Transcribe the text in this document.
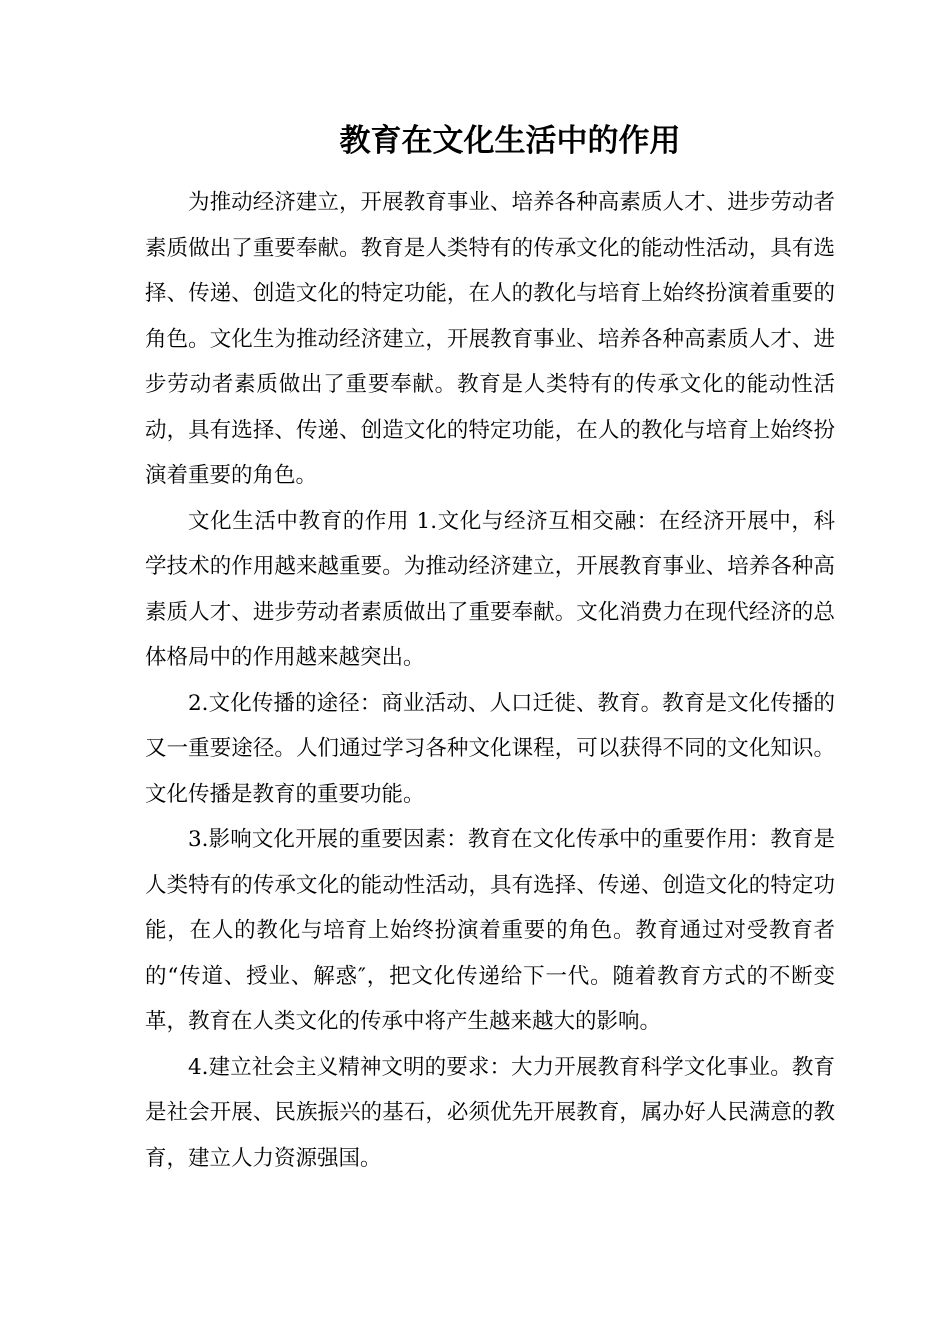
教育在文化生活中的作用

为推动经济建立，开展教育事业、培养各种高素质人才、进步劳动者素质做出了重要奉献。教育是人类特有的传承文化的能动性活动，具有选择、传递、创造文化的特定功能，在人的教化与培育上始终扮演着重要的角色。文化生为推动经济建立，开展教育事业、培养各种高素质人才、进步劳动者素质做出了重要奉献。教育是人类特有的传承文化的能动性活动，具有选择、传递、创造文化的特定功能，在人的教化与培育上始终扮演着重要的角色。

文化生活中教育的作用 1.文化与经济互相交融：在经济开展中，科学技术的作用越来越重要。为推动经济建立，开展教育事业、培养各种高素质人才、进步劳动者素质做出了重要奉献。文化消费力在现代经济的总体格局中的作用越来越突出。

2.文化传播的途径：商业活动、人口迁徙、教育。教育是文化传播的又一重要途径。人们通过学习各种文化课程，可以获得不同的文化知识。文化传播是教育的重要功能。

3.影响文化开展的重要因素：教育在文化传承中的重要作用：教育是人类特有的传承文化的能动性活动，具有选择、传递、创造文化的特定功能，在人的教化与培育上始终扮演着重要的角色。教育通过对受教育者的“传道、授业、解惑″，把文化传递给下一代。随着教育方式的不断变革，教育在人类文化的传承中将产生越来越大的影响。

4.建立社会主义精神文明的要求：大力开展教育科学文化事业。教育是社会开展、民族振兴的基石，必须优先开展教育，属办好人民满意的教育，建立人力资源强国。
